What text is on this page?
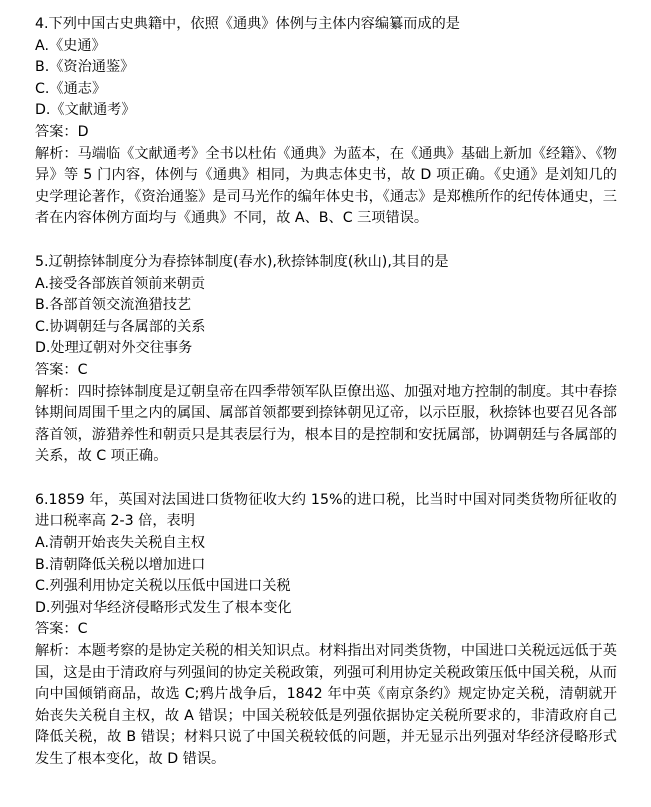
4.下列中国古史典籍中，依照《通典》体例与主体内容编纂而成的是
A.《史通》
B.《资治通鉴》
C.《通志》
D.《文献通考》
答案：D
解析：马端临《文献通考》全书以杜佑《通典》为蓝本，在《通典》基础上新加《经籍》、《物异》等 5 门内容，体例与《通典》相同，为典志体史书，故 D 项正确。《史通》是刘知几的史学理论著作，《资治通鉴》是司马光作的编年体史书，《通志》是郑樵所作的纪传体通史，三者在内容体例方面均与《通典》不同，故 A、B、C 三项错误。
5.辽朝捺钵制度分为春捺钵制度(春水),秋捺钵制度(秋山),其目的是
A.接受各部族首领前来朝贡
B.各部首领交流渔猎技艺
C.协调朝廷与各属部的关系
D.处理辽朝对外交往事务
答案：C
解析：四时捺钵制度是辽朝皇帝在四季带领军队臣僚出巡、加强对地方控制的制度。其中春捺钵期间周围千里之内的属国、属部首领都要到捺钵朝见辽帝，以示臣服，秋捺钵也要召见各部落首领，游猎养性和朝贡只是其表层行为，根本目的是控制和安抚属部，协调朝廷与各属部的关系，故 C 项正确。
6.1859 年，英国对法国进口货物征收大约 15%的进口税，比当时中国对同类货物所征收的进口税率高 2-3 倍，表明
A.清朝开始丧失关税自主权
B.清朝降低关税以增加进口
C.列强利用协定关税以压低中国进口关税
D.列强对华经济侵略形式发生了根本变化
答案：C
解析：本题考察的是协定关税的相关知识点。材料指出对同类货物，中国进口关税远远低于英国，这是由于清政府与列强间的协定关税政策，列强可利用协定关税政策压低中国关税，从而向中国倾销商品，故选 C;鸦片战争后，1842 年中英《南京条约》规定协定关税，清朝就开始丧失关税自主权，故 A 错误；中国关税较低是列强依据协定关税所要求的，非清政府自己降低关税，故 B 错误；材料只说了中国关税较低的问题，并无显示出列强对华经济侵略形式发生了根本变化，故 D 错误。
